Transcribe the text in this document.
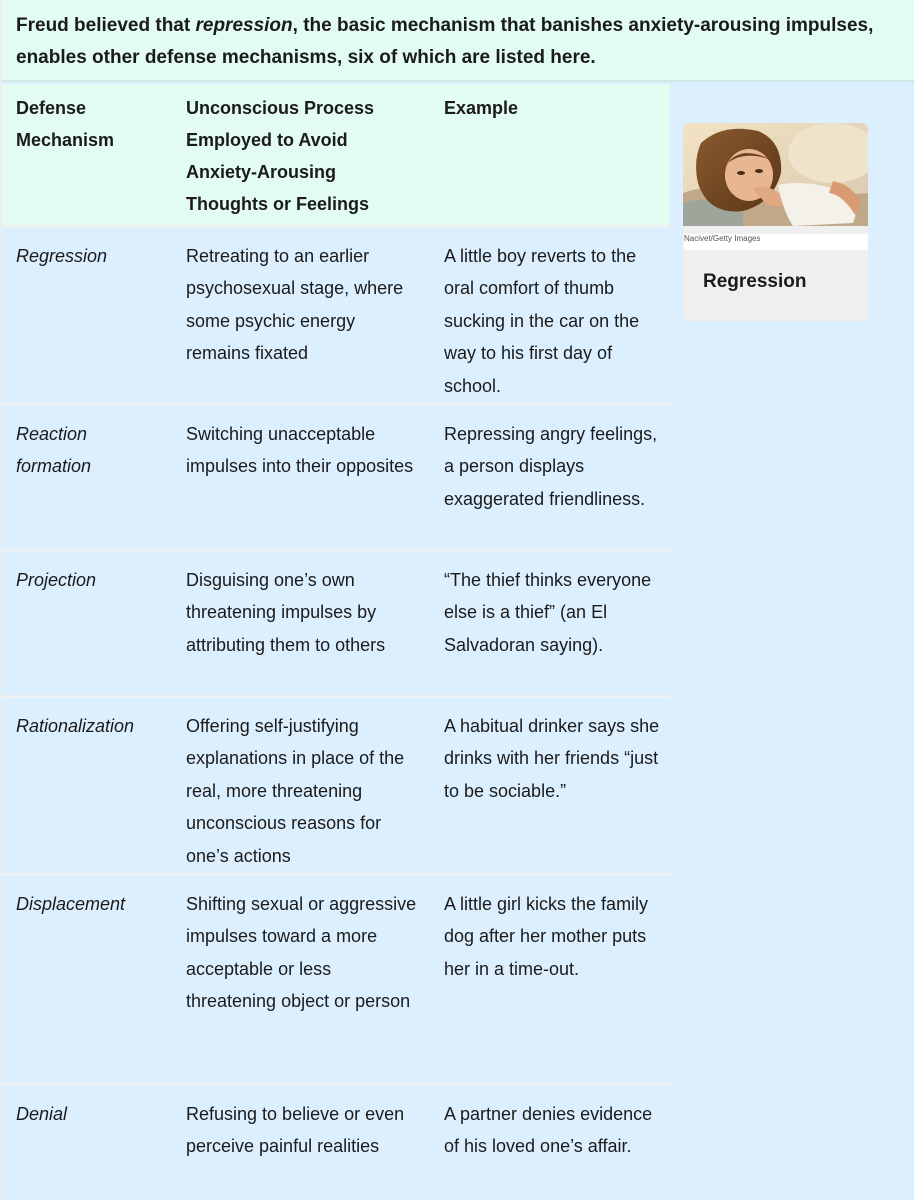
Freud believed that repression, the basic mechanism that banishes anxiety-arousing impulses, enables other defense mechanisms, six of which are listed here.
Defense Mechanism	Unconscious Process Employed to Avoid Anxiety-Arousing Thoughts or Feelings	Example
Regression	Retreating to an earlier psychosexual stage, where some psychic energy remains fixated	A little boy reverts to the oral comfort of thumb sucking in the car on the way to his first day of school.
Reaction formation	Switching unacceptable impulses into their opposites	Repressing angry feelings, a person displays exaggerated friendliness.
Projection	Disguising one’s own threatening impulses by attributing them to others	“The thief thinks everyone else is a thief” (an El Salvadoran saying).
Rationalization	Offering self-justifying explanations in place of the real, more threatening unconscious reasons for one’s actions	A habitual drinker says she drinks with her friends “just to be sociable.”
Displacement	Shifting sexual or aggressive impulses toward a more acceptable or less threatening object or person	A little girl kicks the family dog after her mother puts her in a time-out.
Denial	Refusing to believe or even perceive painful realities	A partner denies evidence of his loved one’s affair.
Nacivet/Getty Images
Regression
